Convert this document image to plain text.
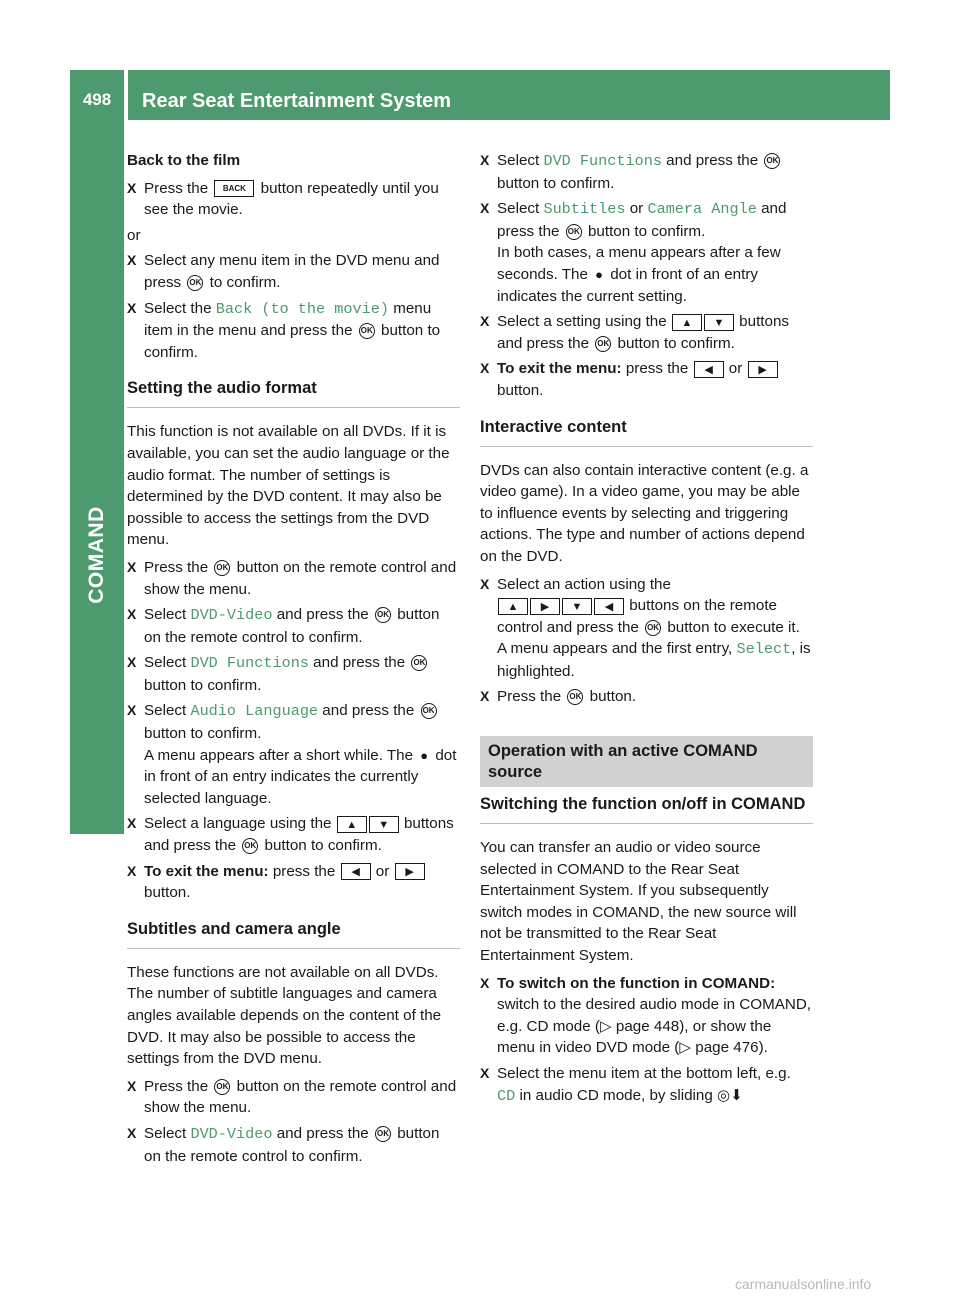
498	Rear Seat Entertainment System
COMAND
Back to the film
X Press the BACK button repeatedly until you see the movie.
or
X Select any menu item in the DVD menu and press OK to confirm.
X Select the Back (to the movie) menu item in the menu and press the OK button to confirm.
Setting the audio format
This function is not available on all DVDs. If it is available, you can set the audio language or the audio format. The number of settings is determined by the DVD content. It may also be possible to access the settings from the DVD menu.
X Press the OK button on the remote control and show the menu.
X Select DVD-Video and press the OK button on the remote control to confirm.
X Select DVD Functions and press the OK button to confirm.
X Select Audio Language and press the OK button to confirm.
A menu appears after a short while. The ● dot in front of an entry indicates the currently selected language.
X Select a language using the ▲ ▼ buttons and press the OK button to confirm.
X To exit the menu: press the ◀ or ▶
button.
Subtitles and camera angle
These functions are not available on all DVDs. The number of subtitle languages and camera angles available depends on the content of the DVD. It may also be possible to access the settings from the DVD menu.
X Press the OK button on the remote control and show the menu.
X Select DVD-Video and press the OK button on the remote control to confirm.
X Select DVD Functions and press the OK button to confirm.
X Select Subtitles or Camera Angle and press the OK button to confirm.
In both cases, a menu appears after a few seconds. The ● dot in front of an entry indicates the current setting.
X Select a setting using the ▲ ▼ buttons and press the OK button to confirm.
X To exit the menu: press the ◀ or ▶
button.
Interactive content
DVDs can also contain interactive content (e.g. a video game). In a video game, you may be able to influence events by selecting and triggering actions. The type and number of actions depend on the DVD.
X Select an action using the
▲ ▶ ▼ ◀ buttons on the remote control and press the OK button to execute it.
A menu appears and the first entry, Select, is highlighted.
X Press the OK button.
Operation with an active COMAND source
Switching the function on/off in COMAND
You can transfer an audio or video source selected in COMAND to the Rear Seat Entertainment System. If you subsequently switch modes in COMAND, the new source will not be transmitted to the Rear Seat Entertainment System.
X To switch on the function in COMAND:
switch to the desired audio mode in COMAND, e.g. CD mode (▷ page 448), or show the menu in video DVD mode (▷ page 476).
X Select the menu item at the bottom left, e.g. CD in audio CD mode, by sliding ◎⬇
carmanualsonline.info
